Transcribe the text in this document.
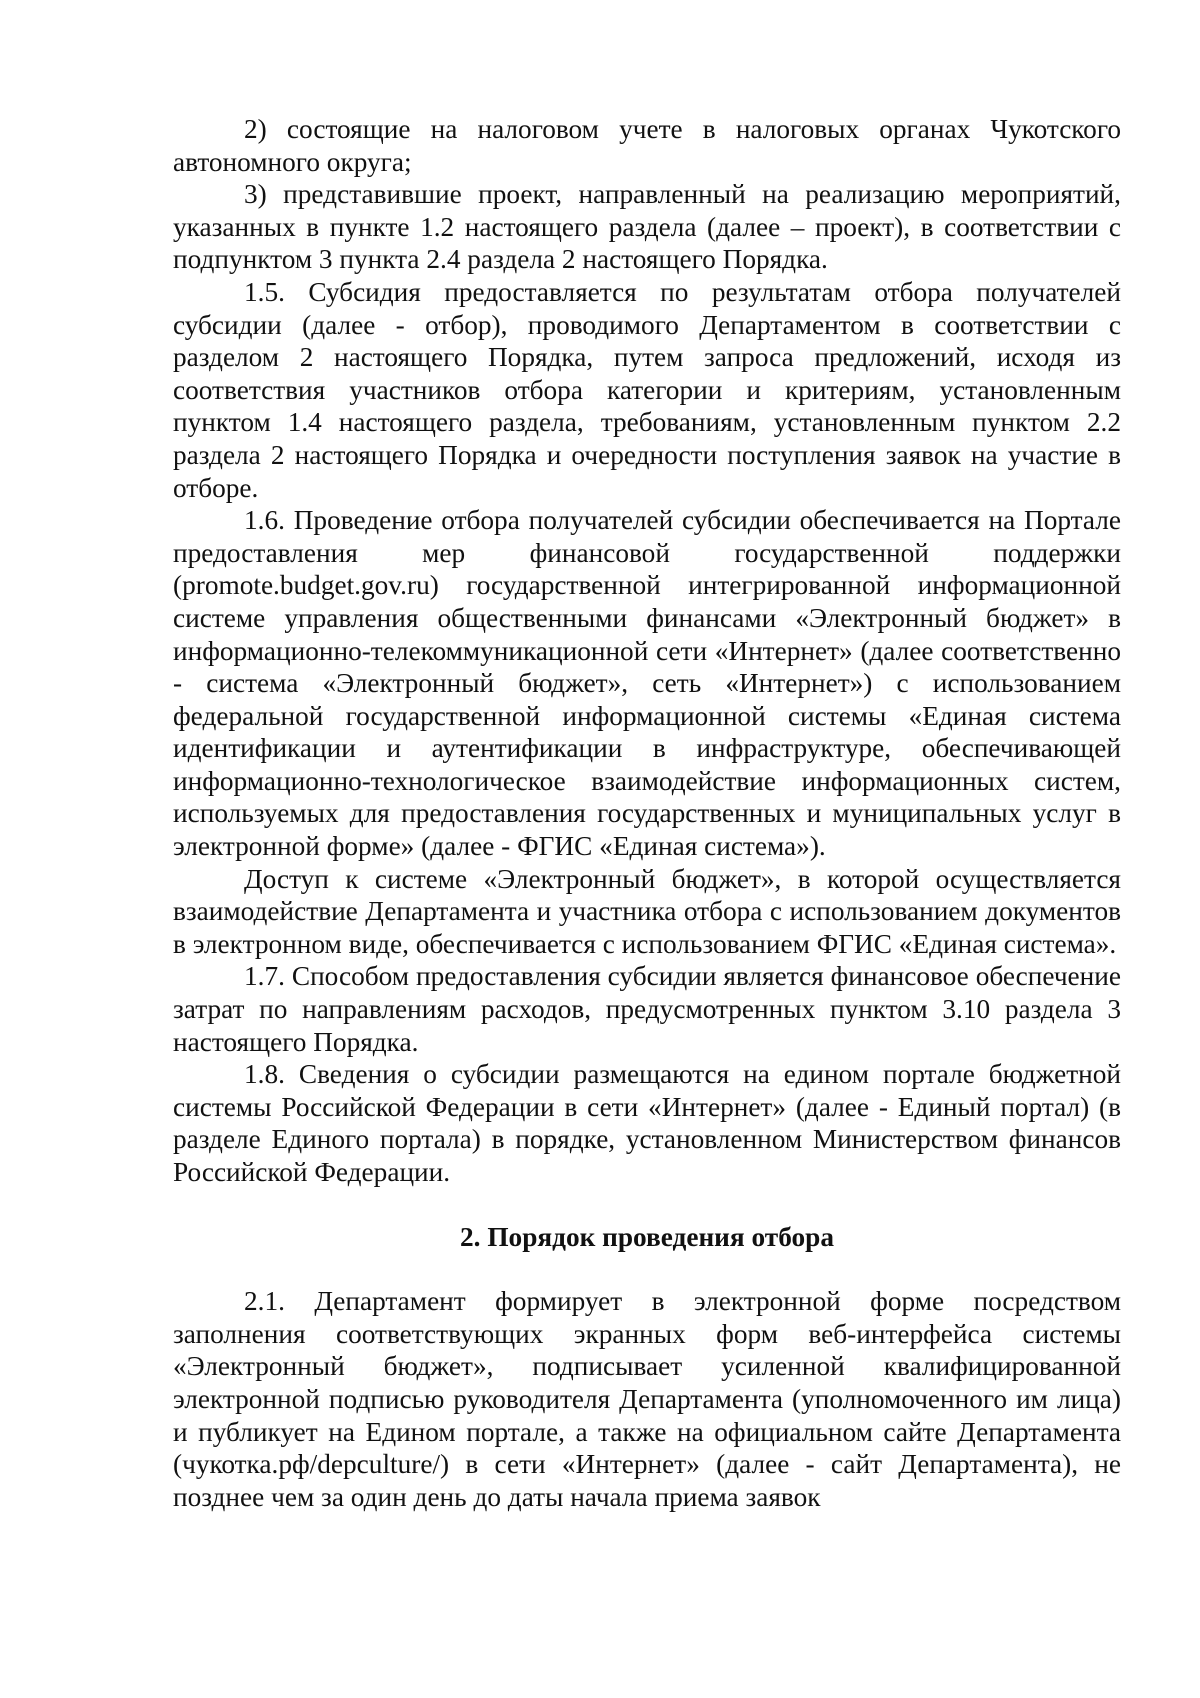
2) состоящие на налоговом учете в налоговых органах Чукотского автономного округа;

3) представившие проект, направленный на реализацию мероприятий, указанных в пункте 1.2 настоящего раздела (далее – проект), в соответствии с подпунктом 3 пункта 2.4 раздела 2 настоящего Порядка.

1.5. Субсидия предоставляется по результатам отбора получателей субсидии (далее - отбор), проводимого Департаментом в соответствии с разделом 2 настоящего Порядка, путем запроса предложений, исходя из соответствия участников отбора категории и критериям, установленным пунктом 1.4 настоящего раздела, требованиям, установленным пунктом 2.2 раздела 2 настоящего Порядка и очередности поступления заявок на участие в отборе.

1.6. Проведение отбора получателей субсидии обеспечивается на Портале предоставления мер финансовой государственной поддержки (promote.budget.gov.ru) государственной интегрированной информационной системе управления общественными финансами «Электронный бюджет» в информационно-телекоммуникационной сети «Интернет» (далее соответственно - система «Электронный бюджет», сеть «Интернет») с использованием федеральной государственной информационной системы «Единая система идентификации и аутентификации в инфраструктуре, обеспечивающей информационно-технологическое взаимодействие информационных систем, используемых для предоставления государственных и муниципальных услуг в электронной форме» (далее - ФГИС «Единая система»).

Доступ к системе «Электронный бюджет», в которой осуществляется взаимодействие Департамента и участника отбора с использованием документов в электронном виде, обеспечивается с использованием ФГИС «Единая система».

1.7. Способом предоставления субсидии является финансовое обеспечение затрат по направлениям расходов, предусмотренных пунктом 3.10 раздела 3 настоящего Порядка.

1.8. Сведения о субсидии размещаются на едином портале бюджетной системы Российской Федерации в сети «Интернет» (далее - Единый портал) (в разделе Единого портала) в порядке, установленном Министерством финансов Российской Федерации.

2. Порядок проведения отбора

2.1. Департамент формирует в электронной форме посредством заполнения соответствующих экранных форм веб-интерфейса системы «Электронный бюджет», подписывает усиленной квалифицированной электронной подписью руководителя Департамента (уполномоченного им лица) и публикует на Едином портале, а также на официальном сайте Департамента (чукотка.рф/depculture/) в сети «Интернет» (далее - сайт Департамента), не позднее чем за один день до даты начала приема заявок
